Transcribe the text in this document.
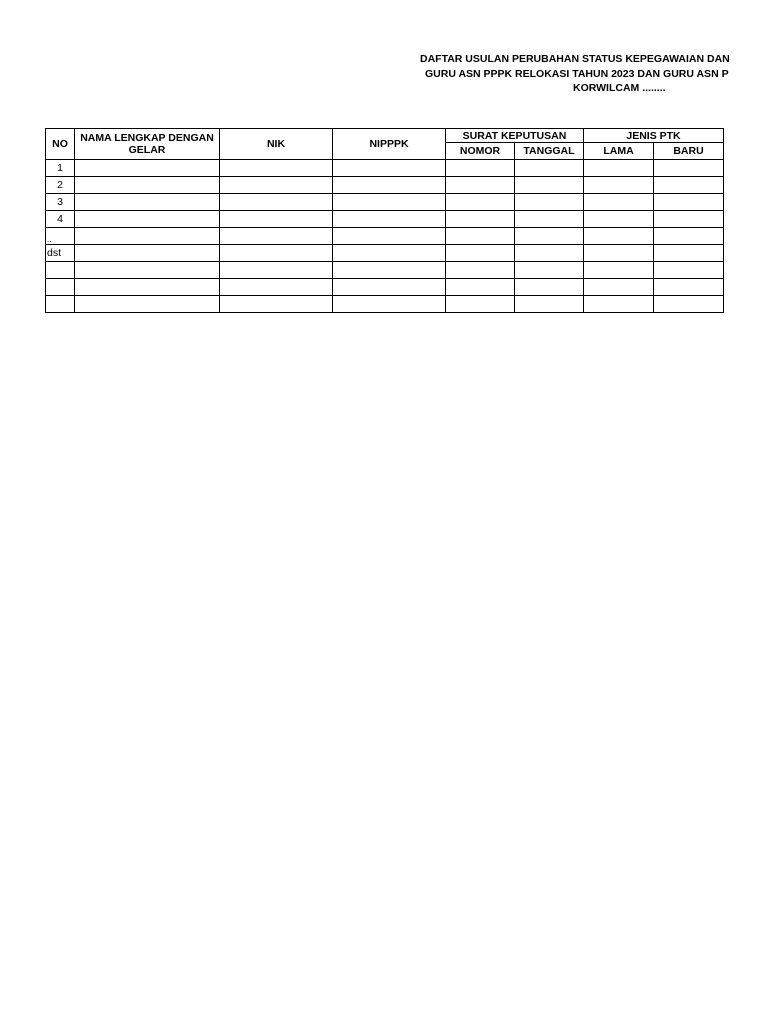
DAFTAR USULAN PERUBAHAN STATUS KEPEGAWAIAN DAN
GURU ASN PPPK RELOKASI TAHUN 2023 DAN GURU ASN P
KORWILCAM ........
NO	NAMA LENGKAP DENGAN GELAR	NIK	NIPPPK	SURAT KEPUTUSAN		JENIS PTK	
				NOMOR	TANGGAL	LAMA	BARU
1							
2							
3							
4							
..							
dst							
